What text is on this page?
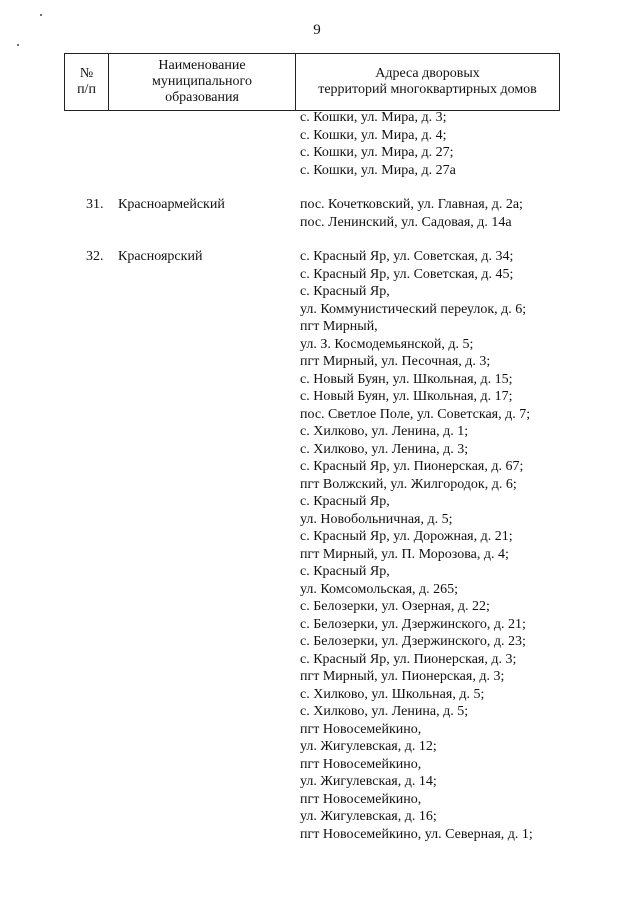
9
№
п/п

Наименование
муниципального
образования

Адреса дворовых
территорий многоквартирных домов
с. Кошки, ул. Мира, д. 3;
с. Кошки, ул. Мира, д. 4;
с. Кошки, ул. Мира, д. 27;
с. Кошки, ул. Мира, д. 27а
31.	Красноармейский	пос. Кочетковский, ул. Главная, д. 2а;
пос. Ленинский, ул. Садовая, д. 14а
32.	Красноярский	с. Красный Яр, ул. Советская, д. 34;
с. Красный Яр, ул. Советская, д. 45;
с. Красный Яр,
ул. Коммунистический переулок, д. 6;
пгт Мирный,
ул. З. Космодемьянской, д. 5;
пгт Мирный, ул. Песочная, д. 3;
с. Новый Буян, ул. Школьная, д. 15;
с. Новый Буян, ул. Школьная, д. 17;
пос. Светлое Поле, ул. Советская, д. 7;
с. Хилково, ул. Ленина, д. 1;
с. Хилково, ул. Ленина, д. 3;
с. Красный Яр, ул. Пионерская, д. 67;
пгт Волжский, ул. Жилгородок, д. 6;
с. Красный Яр,
ул. Новобольничная, д. 5;
с. Красный Яр, ул. Дорожная, д. 21;
пгт Мирный, ул. П. Морозова, д. 4;
с. Красный Яр,
ул. Комсомольская, д. 265;
с. Белозерки, ул. Озерная, д. 22;
с. Белозерки, ул. Дзержинского, д. 21;
с. Белозерки, ул. Дзержинского, д. 23;
с. Красный Яр, ул. Пионерская, д. 3;
пгт Мирный, ул. Пионерская, д. 3;
с. Хилково, ул. Школьная, д. 5;
с. Хилково, ул. Ленина, д. 5;
пгт Новосемейкино,
ул. Жигулевская, д. 12;
пгт Новосемейкино,
ул. Жигулевская, д. 14;
пгт Новосемейкино,
ул. Жигулевская, д. 16;
пгт Новосемейкино, ул. Северная, д. 1;
